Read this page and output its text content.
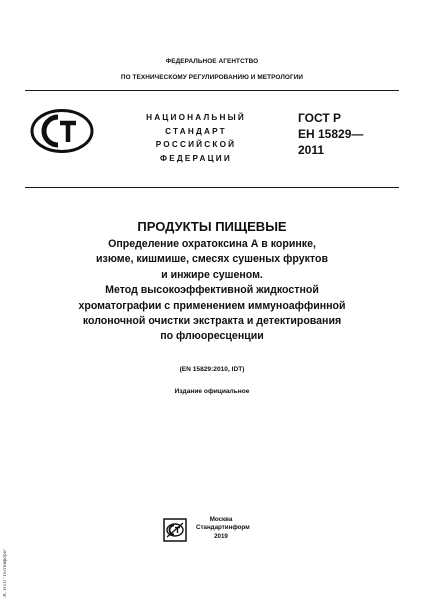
ФЕДЕРАЛЬНОЕ АГЕНТСТВО
ПО ТЕХНИЧЕСКОМУ РЕГУЛИРОВАНИЮ И МЕТРОЛОГИИ
НАЦИОНАЛЬНЫЙ
СТАНДАРТ
РОССИЙСКОЙ
ФЕДЕРАЦИИ
ГОСТ Р
ЕН 15829—
2011
ПРОДУКТЫ ПИЩЕВЫЕ
Определение охратоксина А в коринке,
изюме, кишмише, смесях сушеных фруктов
и инжире сушеном.
Метод высокоэффективной жидкостной
хроматографии с применением иммуноаффинной
колоночной очистки экстракта и детектирования
по флюоресценции
(EN 15829:2010, IDT)
Издание официальное
Москва
Стандартинформ
2019
ЭС НТП "Гостинформ"
